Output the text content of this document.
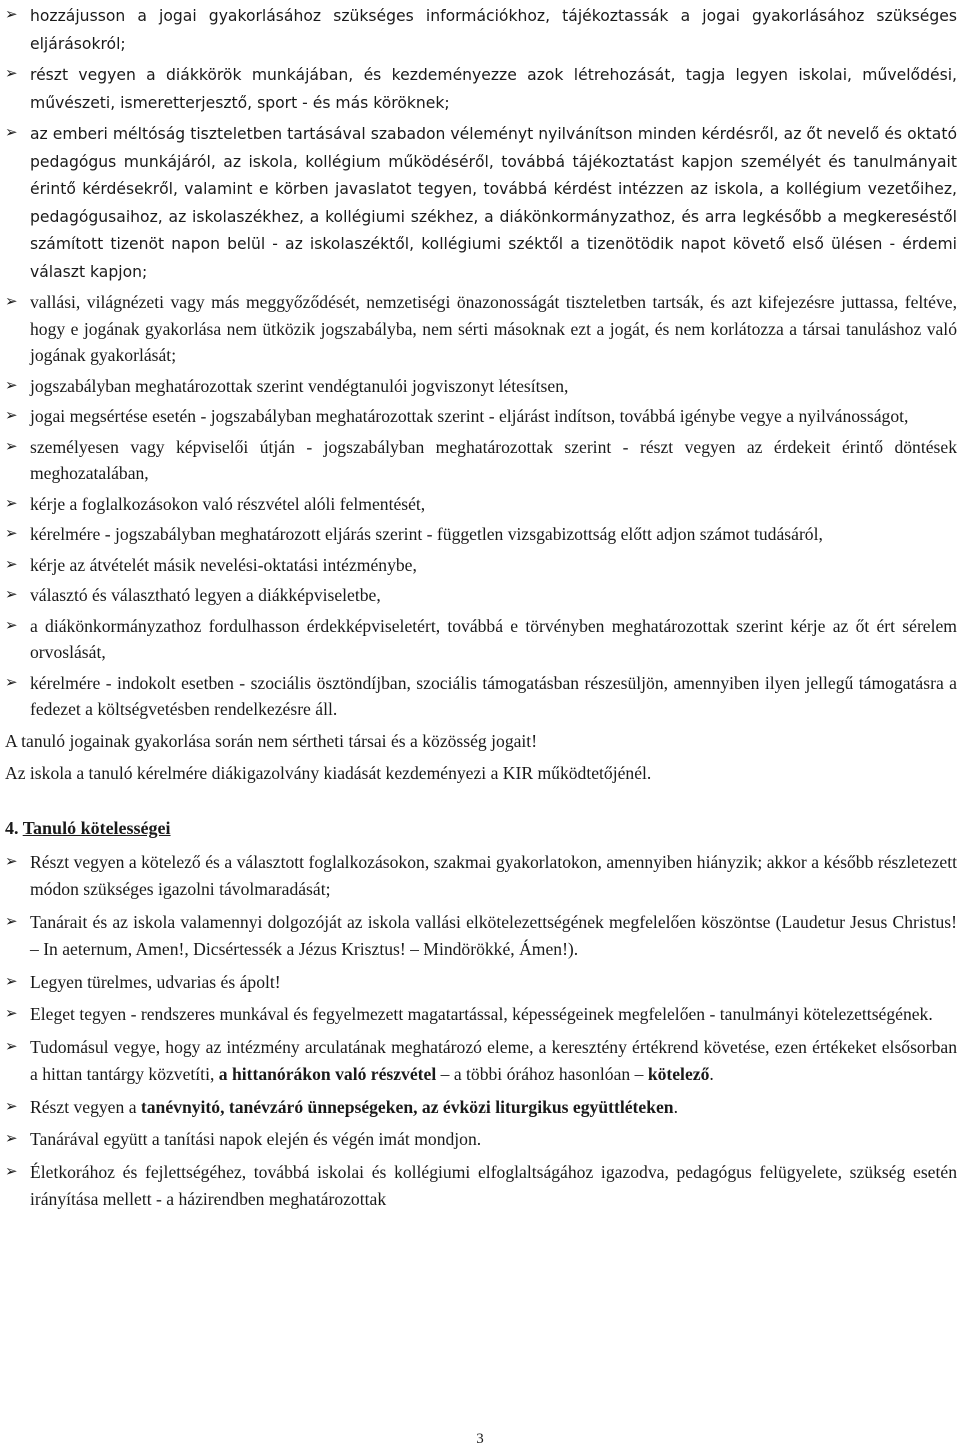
➢ hozzájusson a jogai gyakorlásához szükséges információkhoz, tájékoztassák a jogai gyakorlásához szükséges eljárásokról;
➢ részt vegyen a diákkörök munkájában, és kezdeményezze azok létrehozását, tagja legyen iskolai, művelődési, művészeti, ismeretterjesztő, sport - és más köröknek;
➢ az emberi méltóság tiszteletben tartásával szabadon véleményt nyilvánítson minden kérdésről, az őt nevelő és oktató pedagógus munkájáról, az iskola, kollégium működéséről, továbbá tájékoztatást kapjon személyét és tanulmányait érintő kérdésekről, valamint e körben javaslatot tegyen, továbbá kérdést intézzen az iskola, a kollégium vezetőihez, pedagógusaihoz, az iskolaszékhez, a kollégiumi székhez, a diákönkormányzathoz, és arra legkésőbb a megkereséstől számított tizenöt napon belül - az iskolaszéktől, kollégiumi széktől a tizenötödik napot követő első ülésen - érdemi választ kapjon;
➢ vallási, világnézeti vagy más meggyőződését, nemzetiségi önazonosságát tiszteletben tartsák, és azt kifejezésre juttassa, feltéve, hogy e jogának gyakorlása nem ütközik jogszabályba, nem sérti másoknak ezt a jogát, és nem korlátozza a társai tanuláshoz való jogának gyakorlását;
➢ jogszabályban meghatározottak szerint vendégtanulói jogviszonyt létesítsen,
➢ jogai megsértése esetén - jogszabályban meghatározottak szerint - eljárást indítson, továbbá igénybe vegye a nyilvánosságot,
➢ személyesen vagy képviselői útján - jogszabályban meghatározottak szerint - részt vegyen az érdekeit érintő döntések meghozatalában,
➢ kérje a foglalkozásokon való részvétel alóli felmentését,
➢ kérelmére - jogszabályban meghatározott eljárás szerint - független vizsgabizottság előtt adjon számot tudásáról,
➢ kérje az átvételét másik nevelési-oktatási intézménybe,
➢ választó és választható legyen a diákképviseletbe,
➢ a diákönkormányzathoz fordulhasson érdekképviseletért, továbbá e törvényben meghatározottak szerint kérje az őt ért sérelem orvoslását,
➢ kérelmére - indokolt esetben - szociális ösztöndíjban, szociális támogatásban részesüljön, amennyiben ilyen jellegű támogatásra a fedezet a költségvetésben rendelkezésre áll.

A tanuló jogainak gyakorlása során nem sértheti társai és a közösség jogait!

Az iskola a tanuló kérelmére diákigazolvány kiadását kezdeményezi a KIR működtetőjénél.

4. Tanuló kötelességei
➢ Részt vegyen a kötelező és a választott foglalkozásokon, szakmai gyakorlatokon, amennyiben hiányzik; akkor a később részletezett módon szükséges igazolni távolmaradását;
➢ Tanárait és az iskola valamennyi dolgozóját az iskola vallási elkötelezettségének megfelelően köszöntse (Laudetur Jesus Christus! – In aeternum, Amen!, Dicsértessék a Jézus Krisztus! – Mindörökké, Ámen!).
➢ Legyen türelmes, udvarias és ápolt!
➢ Eleget tegyen - rendszeres munkával és fegyelmezett magatartással, képességeinek megfelelően - tanulmányi kötelezettségének.
➢ Tudomásul vegye, hogy az intézmény arculatának meghatározó eleme, a keresztény értékrend követése, ezen értékeket elsősorban a hittan tantárgy közvetíti, a hittanórákon való részvétel – a többi órához hasonlóan – kötelező.
➢ Részt vegyen a tanévnyitó, tanévzáró ünnepségeken, az évközi liturgikus együttléteken.
➢ Tanárával együtt a tanítási napok elején és végén imát mondjon.
➢ Életkorához és fejlettségéhez, továbbá iskolai és kollégiumi elfoglaltságához igazodva, pedagógus felügyelete, szükség esetén irányítása mellett - a házirendben meghatározottak
3
